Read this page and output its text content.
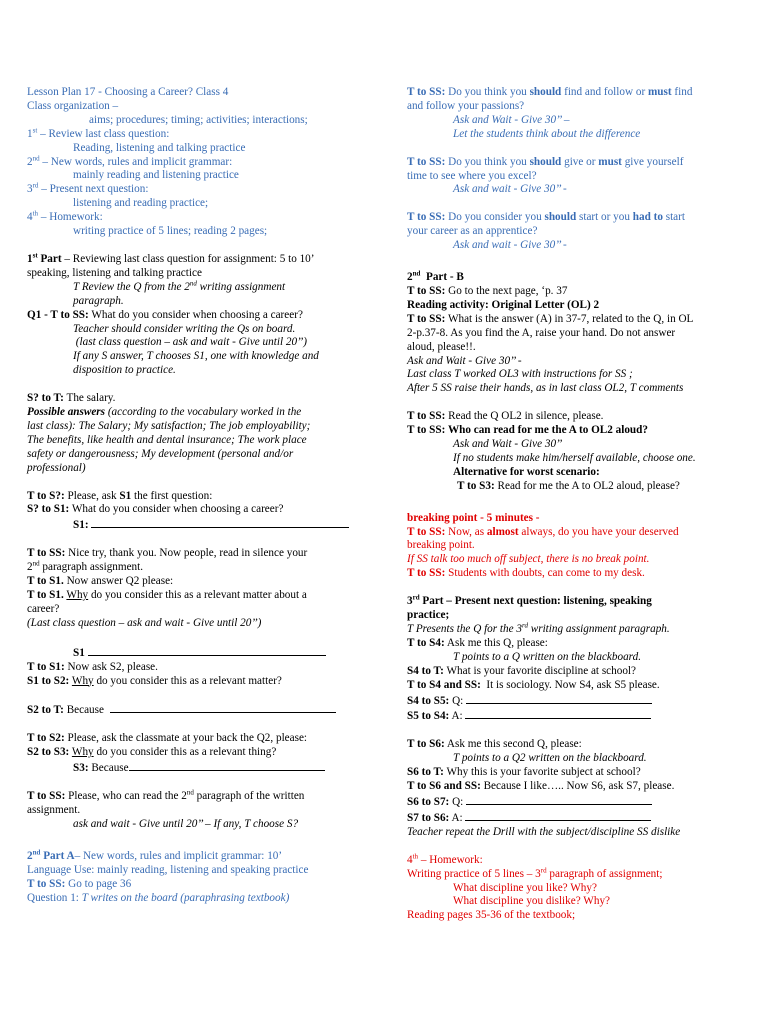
Lesson Plan 17 - Choosing a Career? Class 4
Class organization –
aims; procedures; timing; activities; interactions;
1st – Review last class question:
Reading, listening and talking practice
2nd – New words, rules and implicit grammar:
mainly reading and listening practice
3rd – Present next question:
listening and reading practice;
4th – Homework:
writing practice of 5 lines; reading 2 pages;
1st Part – Reviewing last class question for assignment: 5 to 10’
speaking, listening and talking practice
T Review the Q from the 2nd writing assignment
paragraph.
Q1 - T to SS: What do you consider when choosing a career?
Teacher should consider writing the Qs on board.
(last class question – ask and wait - Give until 20’’)
If any S answer, T chooses S1, one with knowledge and
disposition to practice.
S? to T: The salary.
Possible answers (according to the vocabulary worked in the
last class): The Salary; My satisfaction; The job employability;
The benefits, like health and dental insurance; The work place
safety or dangerousness; My development (personal and/or
professional)
T to S?: Please, ask S1 the first question:
S? to S1: What do you consider when choosing a career?
S1:
T to SS: Nice try, thank you. Now people, read in silence your
2nd paragraph assignment.
T to S1. Now answer Q2 please:
T to S1. Why do you consider this as a relevant matter about a
career?
(Last class question – ask and wait - Give until 20’’)
S1
T to S1: Now ask S2, please.
S1 to S2: Why do you consider this as a relevant matter?
S2 to T: Because
T to S2: Please, ask the classmate at your back the Q2, please:
S2 to S3: Why do you consider this as a relevant thing?
S3: Because
T to SS: Please, who can read the 2nd paragraph of the written
assignment.
ask and wait - Give until 20’’ – If any, T choose S?
2nd Part A– New words, rules and implicit grammar: 10’
Language Use: mainly reading, listening and speaking practice
T to SS: Go to page 36
Question 1: T writes on the board (paraphrasing textbook)
T to SS: Do you think you should find and follow or must find
and follow your passions?
Ask and Wait - Give 30’’ –
Let the students think about the difference
T to SS: Do you think you should give or must give yourself
time to see where you excel?
Ask and wait - Give 30’’ -
T to SS: Do you consider you should start or you had to start
your career as an apprentice?
Ask and wait - Give 30’’ -
2nd  Part - B
T to SS: Go to the next page, ‘p. 37
Reading activity: Original Letter (OL) 2
T to SS: What is the answer (A) in 37-7, related to the Q, in OL
2-p.37-8. As you find the A, raise your hand. Do not answer
aloud, please!!.
Ask and Wait - Give 30’’ -
Last class T worked OL3 with instructions for SS ;
After 5 SS raise their hands, as in last class OL2, T comments
T to SS: Read the Q OL2 in silence, please.
T to SS: Who can read for me the A to OL2 aloud?
Ask and Wait - Give 30’’
If no students make him/herself available, choose one.
Alternative for worst scenario:
T to S3: Read for me the A to OL2 aloud, please?
breaking point - 5 minutes -
T to SS: Now, as almost always, do you have your deserved
breaking point.
If SS talk too much off subject, there is no break point.
T to SS: Students with doubts, can come to my desk.
3rd Part – Present next question: listening, speaking
practice;
T Presents the Q for the 3rd writing assignment paragraph.
T to S4: Ask me this Q, please:
T points to a Q written on the blackboard.
S4 to T: What is your favorite discipline at school?
T to S4 and SS:  It is sociology. Now S4, ask S5 please.
S4 to S5: Q:
S5 to S4: A:
T to S6: Ask me this second Q, please:
T points to a Q2 written on the blackboard.
S6 to T: Why this is your favorite subject at school?
T to S6 and SS: Because I like….. Now S6, ask S7, please.
S6 to S7: Q:
S7 to S6: A:
Teacher repeat the Drill with the subject/discipline SS dislike
4th – Homework:
Writing practice of 5 lines – 3rd paragraph of assignment;
What discipline you like? Why?
What discipline you dislike? Why?
Reading pages 35-36 of the textbook;
